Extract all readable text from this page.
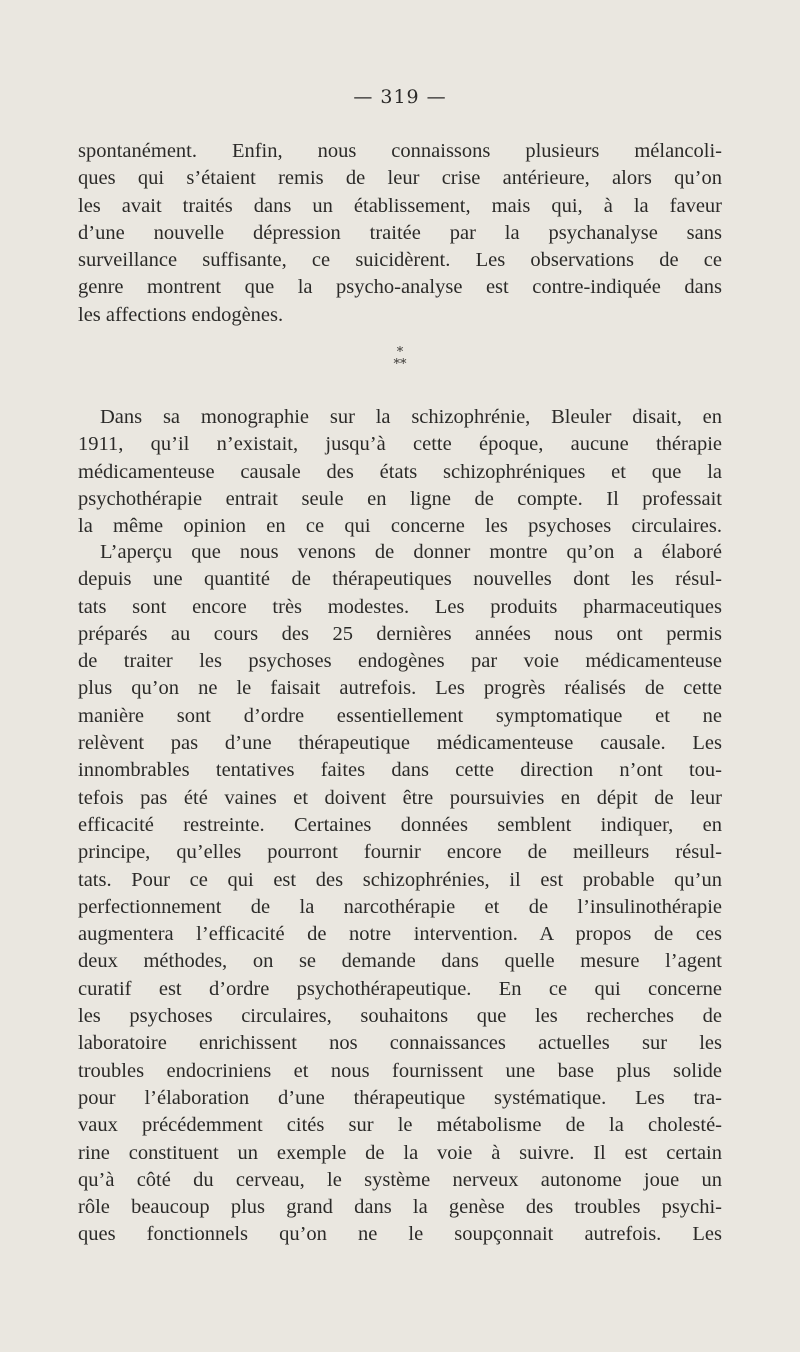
— 319 —
spontanément. Enfin, nous connaissons plusieurs mélancoli-
ques qui s’étaient remis de leur crise antérieure, alors qu’on
les avait traités dans un établissement, mais qui, à la faveur
d’une nouvelle dépression traitée par la psychanalyse sans
surveillance suffisante, ce suicidèrent. Les observations de ce
genre montrent que la psycho-analyse est contre-indiquée dans
les affections endogènes.
*
**
Dans sa monographie sur la schizophrénie, Bleuler disait, en
1911, qu’il n’existait, jusqu’à cette époque, aucune thérapie
médicamenteuse causale des états schizophréniques et que la
psychothérapie entrait seule en ligne de compte. Il professait
la même opinion en ce qui concerne les psychoses circulaires.
L’aperçu que nous venons de donner montre qu’on a élaboré
depuis une quantité de thérapeutiques nouvelles dont les résul-
tats sont encore très modestes. Les produits pharmaceutiques
préparés au cours des 25 dernières années nous ont permis
de traiter les psychoses endogènes par voie médicamenteuse
plus qu’on ne le faisait autrefois. Les progrès réalisés de cette
manière sont d’ordre essentiellement symptomatique et ne
relèvent pas d’une thérapeutique médicamenteuse causale. Les
innombrables tentatives faites dans cette direction n’ont tou-
tefois pas été vaines et doivent être poursuivies en dépit de leur
efficacité restreinte. Certaines données semblent indiquer, en
principe, qu’elles pourront fournir encore de meilleurs résul-
tats. Pour ce qui est des schizophrénies, il est probable qu’un
perfectionnement de la narcothérapie et de l’insulinothérapie
augmentera l’efficacité de notre intervention. A propos de ces
deux méthodes, on se demande dans quelle mesure l’agent
curatif est d’ordre psychothérapeutique. En ce qui concerne
les psychoses circulaires, souhaitons que les recherches de
laboratoire enrichissent nos connaissances actuelles sur les
troubles endocriniens et nous fournissent une base plus solide
pour l’élaboration d’une thérapeutique systématique. Les tra-
vaux précédemment cités sur le métabolisme de la cholesté-
rine constituent un exemple de la voie à suivre. Il est certain
qu’à côté du cerveau, le système nerveux autonome joue un
rôle beaucoup plus grand dans la genèse des troubles psychi-
ques fonctionnels qu’on ne le soupçonnait autrefois. Les
